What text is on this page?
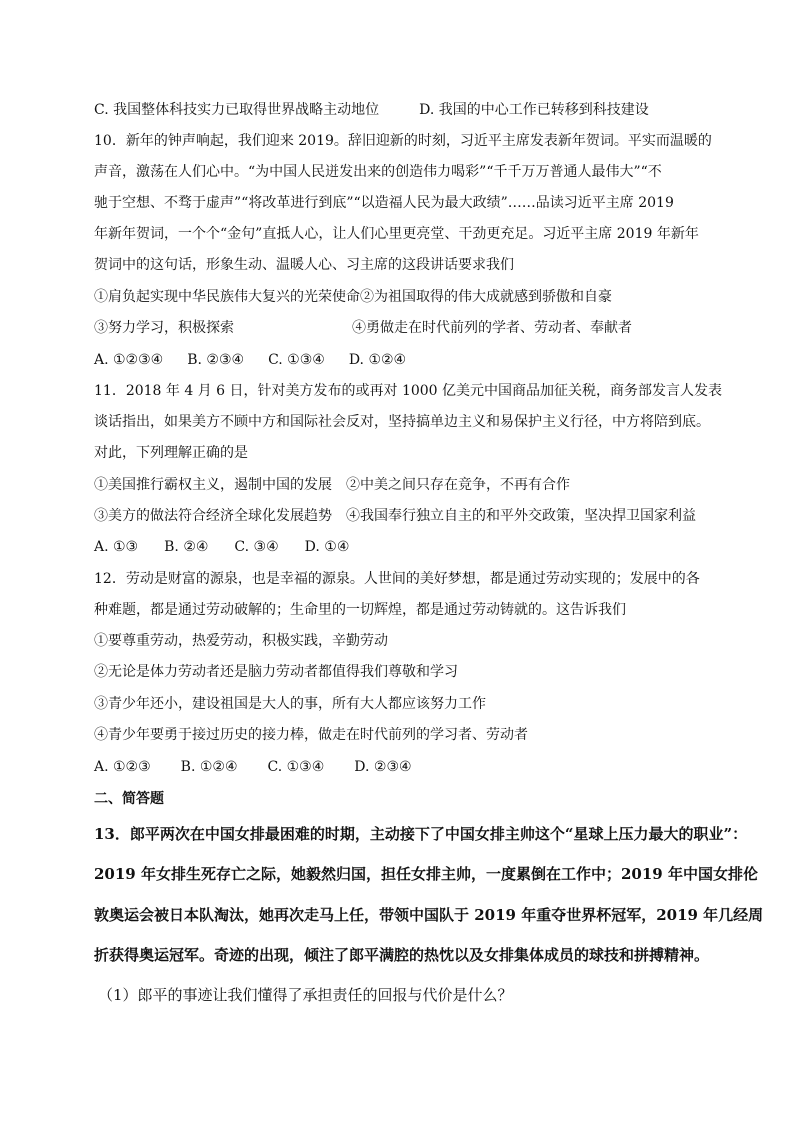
C. 我国整体科技实力已取得世界战略主动地位	D. 我国的中心工作已转移到科技建设
10．新年的钟声响起，我们迎来 2019。辞旧迎新的时刻，习近平主席发表新年贺词。平实而温暖的
声音，激荡在人们心中。“为中国人民迸发出来的创造伟力喝彩”“千千万万普通人最伟大”“不
驰于空想、不骛于虚声”“将改革进行到底”“以造福人民为最大政绩”……品读习近平主席 2019
年新年贺词，一个个“金句”直抵人心，让人们心里更亮堂、干劲更充足。习近平主席 2019 年新年
贺词中的这句话，形象生动、温暖人心、习主席的这段讲话要求我们
①肩负起实现中华民族伟大复兴的光荣使命②为祖国取得的伟大成就感到骄傲和自豪
③努力学习，积极探索	④勇做走在时代前列的学者、劳动者、奉献者
A. ①②③④ B. ②③④ C. ①③④ D. ①②④
11．2018 年 4 月 6 日，针对美方发布的或再对 1000 亿美元中国商品加征关税，商务部发言人发表
谈话指出，如果美方不顾中方和国际社会反对，坚持搞单边主义和易保护主义行径，中方将陪到底。
对此，下列理解正确的是
①美国推行霸权主义，遏制中国的发展　②中美之间只存在竞争，不再有合作
③美方的做法符合经济全球化发展趋势　④我国奉行独立自主的和平外交政策，坚决捍卫国家利益
A. ①③ B. ②④ C. ③④ D. ①④
12．劳动是财富的源泉，也是幸福的源泉。人世间的美好梦想，都是通过劳动实现的；发展中的各
种难题，都是通过劳动破解的；生命里的一切辉煌，都是通过劳动铸就的。这告诉我们
①要尊重劳动，热爱劳动，积极实践，辛勤劳动
②无论是体力劳动者还是脑力劳动者都值得我们尊敬和学习
③青少年还小，建设祖国是大人的事，所有大人都应该努力工作
④青少年要勇于接过历史的接力棒，做走在时代前列的学习者、劳动者
A. ①②③ B. ①②④ C. ①③④ D. ②③④
二、简答题
13．郎平两次在中国女排最困难的时期，主动接下了中国女排主帅这个“星球上压力最大的职业”：
2019 年女排生死存亡之际，她毅然归国，担任女排主帅，一度累倒在工作中；2019 年中国女排伦
敦奥运会被日本队淘汰，她再次走马上任，带领中国队于 2019 年重夺世界杯冠军，2019 年几经周
折获得奥运冠军。奇迹的出现，倾注了郎平满腔的热忱以及女排集体成员的球技和拼搏精神。
（1）郎平的事迹让我们懂得了承担责任的回报与代价是什么？
